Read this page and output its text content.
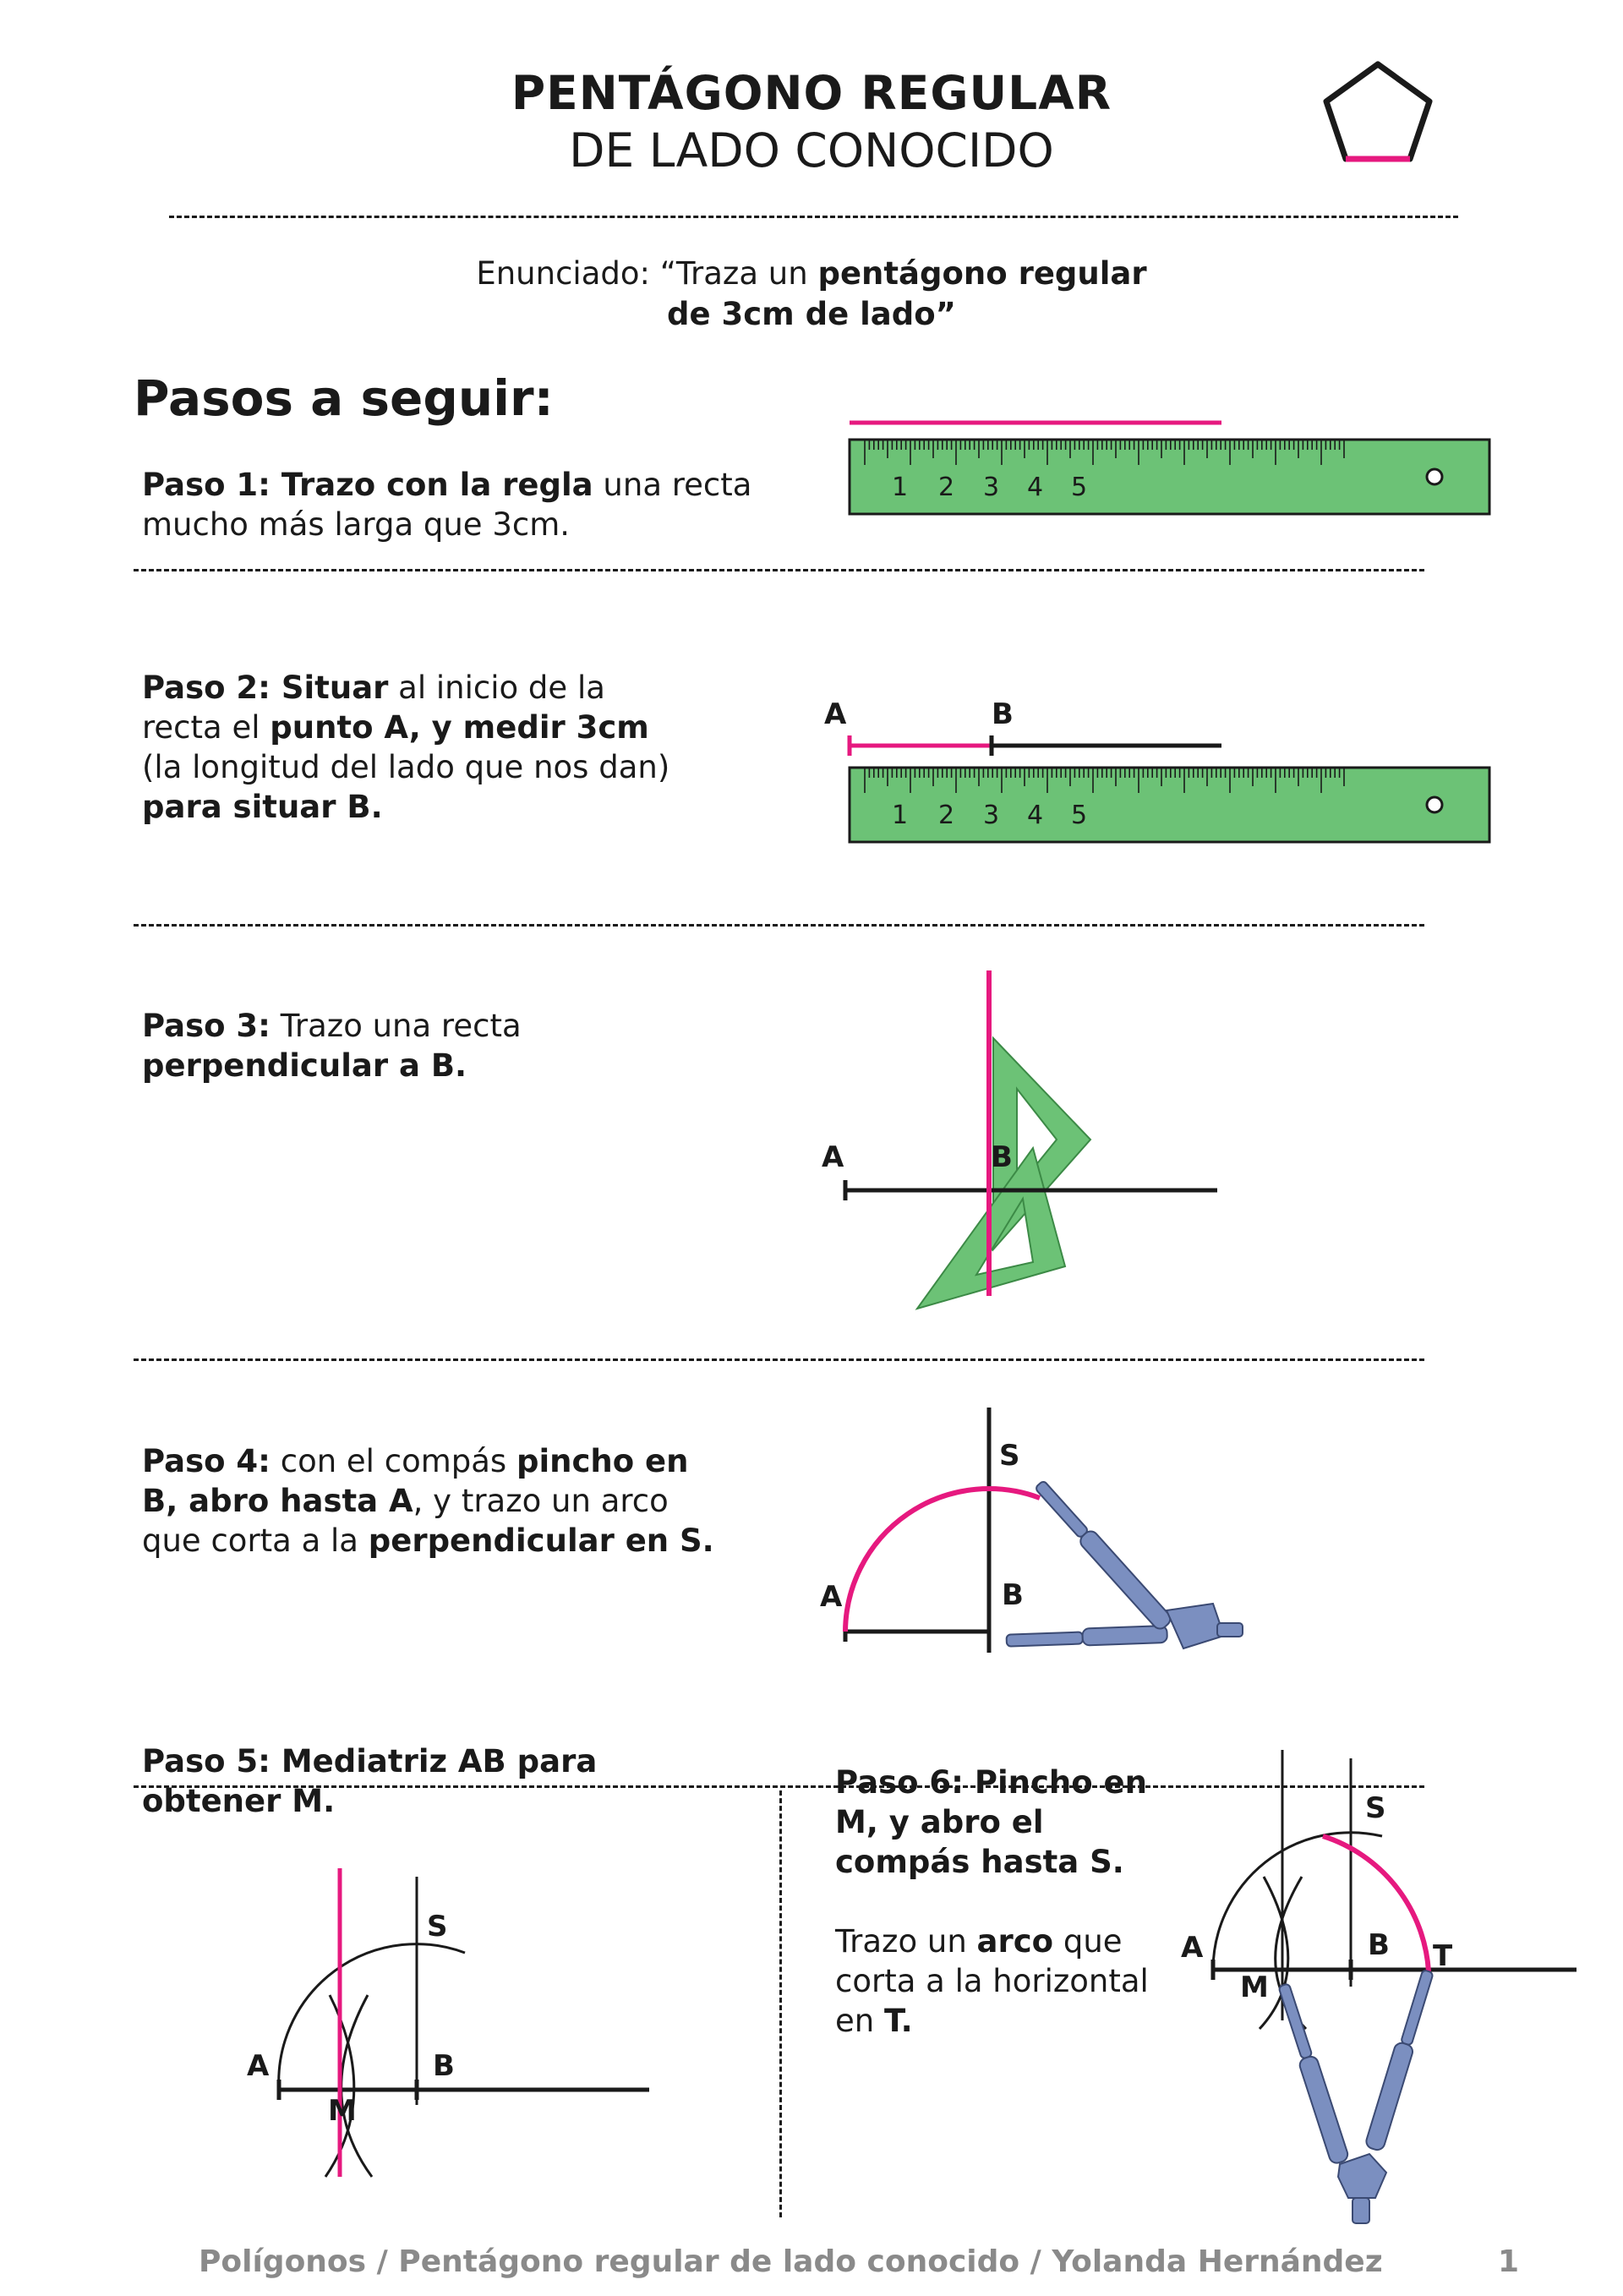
PENTÁGONO REGULAR
DE LADO CONOCIDO
Enunciado: “Traza un pentágono regular
de 3cm de lado”
Pasos a seguir:
Paso 1: Trazo con la regla una recta mucho más larga que 3cm.
1 2 3 4 5
Paso 2: Situar al inicio de la recta el punto A, y medir 3cm (la longitud del lado que nos dan) para situar B.
A	B
1 2 3 4 5
Paso 3: Trazo una recta
perpendicular a B.
A	B
Paso 4: con el compás pincho en B, abro hasta A, y trazo un arco que corta a la perpendicular en S.
A	B
S
Paso 5: Mediatriz AB para obtener M.
A	B
S
M
Paso 6: Pincho en M, y abro el compás hasta S.

Trazo un arco que corta a la horizontal en T.
A	B
S
T
M
Polígonos / Pentágono regular de lado conocido / Yolanda Hernández	1
